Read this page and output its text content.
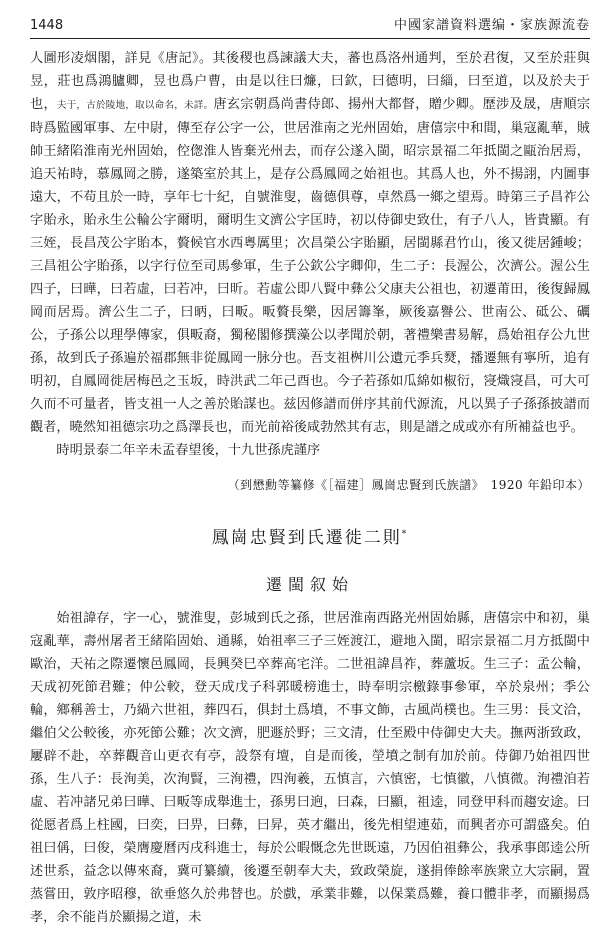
1448	中國家譜資料選编・家族源流卷

人圖形凌烟閣，詳見《唐記》。其後稷也爲諫議大夫，蕃也爲洛州通判，至於君復，又至於莊與昱，莊也爲鴻臚卿，昱也爲户曹，由是以往曰燫，曰欽，曰德明，曰緇，曰至道，以及於夫于也，夫于，古於陵地，取以命名，未詳。唐玄宗朝爲尚書侍郎、揚州大都督，贈少卿。歷涉及晟，唐順宗時爲監國軍事、左中尉，傳至存公字一公，世居淮南之光州固始，唐僖宗中和間，巢寇亂華，賊帥王緒陷淮南光州固始，倥偬淮人皆棄光州去，而存公遂入閩，昭宗景福二年抵閩之甌治居焉，追天祐時，慕鳳岡之勝，遂築室於其上，是存公爲鳳岡之始祖也。其爲人也，外不揚詡，内圖事遠大，不苟且於一時，享年七十紀，自號淮叟，齒德俱尊，卓然爲一鄉之望焉。時第三子昌祚公字貽永，貽永生公輪公字爾明，爾明生文濟公字匡時，初以侍御史致仕，有子八人，皆貴顯。有三姪，長昌茂公字貽本，贅候官水西粵厲里；次昌榮公字貽顯，居閩縣君竹山，後又徙居鍾峻；三昌祖公字貽孫，以字行位至司馬參軍，生子公欽公字卿仰，生二子：長渥公，次濟公。渥公生四子，曰曄，曰若虛，曰若冲，曰昕。若虛公即八賢中彝公父康夫公祖也，初遷莆田，後復歸鳳岡而居焉。濟公生二子，曰昞，曰畈。畈贅長樂，因居籌峯，厥後嘉譽公、世南公、砥公、礪公，子孫公以理學傳家，俱畈裔，獨秘閣修撰藻公以孝聞於朝，著禮樂書易解，爲始祖存公九世孫，故到氏子孫遍於福郡無非從鳳岡一脉分也。吾支祖桝川公遺元季兵燹，播遷無有寧所，追有明初，自鳳岡徙居梅邑之玉坂，時洪武二年己酉也。今子若孫如瓜綿如椒衍，寖熾寖昌，可大可久而不可量者，皆支祖一人之善於貽謀也。兹因修譜而併序其前代源流，凡以異子子孫孫披譜而觀者，曉然知祖德宗功之爲澤長也，而光前裕後咸勃然其有志，則是譜之成或亦有所補益也乎。

時明景泰二年辛未孟春望後，十九世孫虎謹序

（到懋勳等纂修《［福建］鳳崗忠賢到氏族譜》　1920 年鉛印本）
鳳崗忠賢到氏遷徙二則*
遷閩叙始

始祖諱存，字一心，號淮叟，彭城到氏之孫，世居淮南西路光州固始縣，唐僖宗中和初，巢寇亂華，壽州屠者王緒陷固始、通縣，始祖率三子三姪渡江，避地入閩，昭宗景福二月方抵閩中歐治，天祐之際遷懷邑鳳岡，長興癸巳卒葬高宅洋。二世祖諱昌祚，葬蘆坂。生三子：孟公輪，天成初死節君難；仲公較，登天成戊子科郭暖榜進士，時奉明宗檄錄事參軍，卒於泉州；季公輪，鄉稱善士，乃緺六世祖，葬四石，俱封土爲墳，不事文飾，古風尚樸也。生三男：長文洽，繼伯父公較後，亦死節公難；次文濟，肥遯於野；三文清，仕至殿中侍御史大夫。撫两浙致政，屢辟不赴，卒葬觀音山更衣有亭，設祭有壇，自是而後，塋墳之制有加於前。侍御乃始祖四世孫，生八子：長洵美，次洵賢，三洵禮，四洵羲，五慎言，六慎密，七慎徽，八慎微。洵禮洎若虛、若冲諸兄弟曰曄、曰畈等成舉進士，孫男曰逈，曰森，曰顯，祖逵，同登甲科而趨安途。曰從愿者爲上柱國，曰奕，曰畀，曰彝，曰昇，英才繼出，後先相望連茹，而興者亦可謂盛矣。伯祖曰偁，曰俊，榮膺慶曆丙戌科進士，每於公暇慨念先世既遠，乃因伯祖彝公，我承事郎逵公所述世系，益念以傳來裔，冀可纂續，後遷至朝奉大夫，致政榮旋，遂捐俸餘率族衆立大宗嗣，置蒸嘗田，敦序昭穆，欲垂悠久於弗替也。於戲，承業非難，以保業爲難，養口體非孝，而顯揚爲孝，余不能肖於顯揚之道，未
